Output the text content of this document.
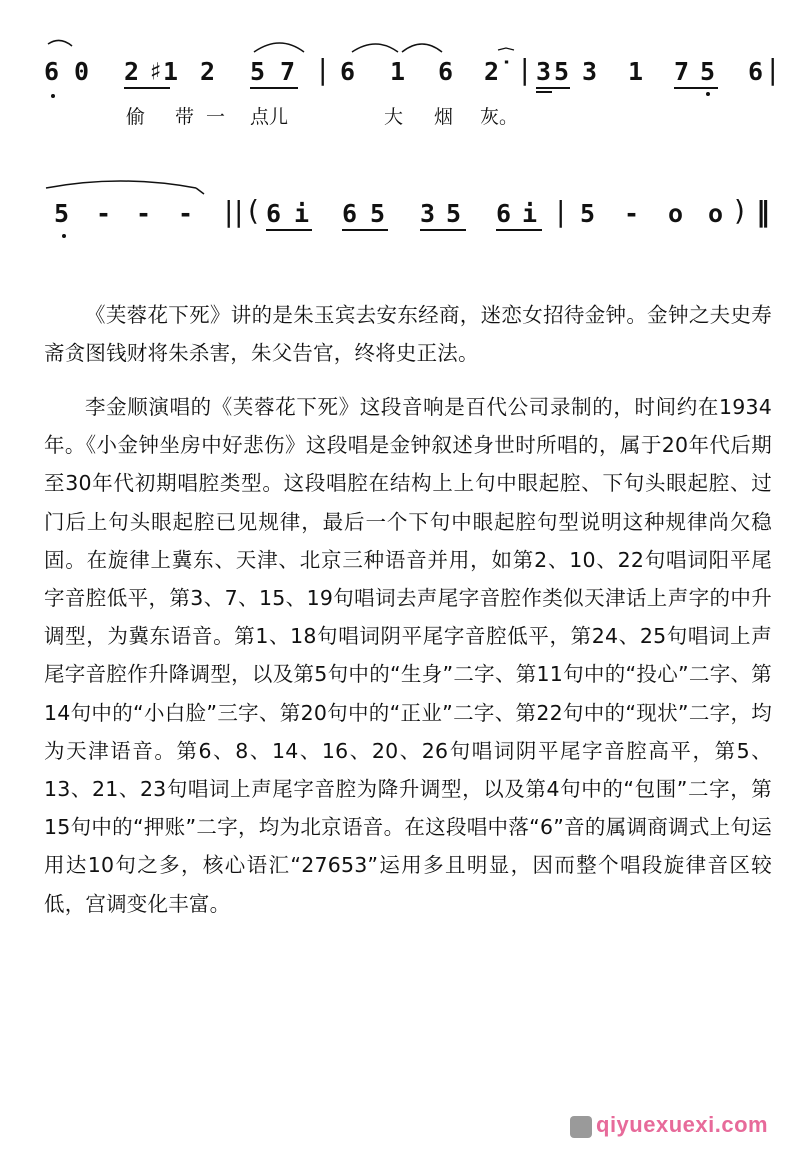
6 0 2 ♯1 2 5 7 | 6 1 6 2̇ | 3 5 3 1 7 5 6 |
偷 带 一 点儿	大 烟 灰。
5 - - - | | ( 6 i 6 5 3 5 6 i | 5 - o o ) ‖

《芙蓉花下死》讲的是朱玉宾去安东经商，迷恋女招待金钟。金钟之夫史寿斋贪图钱财将朱杀害，朱父告官，终将史正法。

李金顺演唱的《芙蓉花下死》这段音响是百代公司录制的，时间约在1934年。《小金钟坐房中好悲伤》这段唱是金钟叙述身世时所唱的，属于20年代后期至30年代初期唱腔类型。这段唱腔在结构上上句中眼起腔、下句头眼起腔、过门后上句头眼起腔已见规律，最后一个下句中眼起腔句型说明这种规律尚欠稳固。在旋律上冀东、天津、北京三种语音并用，如第2、10、22句唱词阳平尾字音腔低平，第3、7、15、19句唱词去声尾字音腔作类似天津话上声字的中升调型，为冀东语音。第1、18句唱词阴平尾字音腔低平，第24、25句唱词上声尾字音腔作升降调型，以及第5句中的“生身”二字、第11句中的“投心”二字、第14句中的“小白脸”三字、第20句中的“正业”二字、第22句中的“现状”二字，均为天津语音。第6、8、14、16、20、26句唱词阴平尾字音腔高平，第5、13、21、23句唱词上声尾字音腔为降升调型，以及第4句中的“包围”二字，第15句中的“押账”二字，均为北京语音。在这段唱中落“6”音的属调商调式上句运用达10句之多，核心语汇“27653”运用多且明显，因而整个唱段旋律音区较低，宫调变化丰富。

qiyuexuexi.com
